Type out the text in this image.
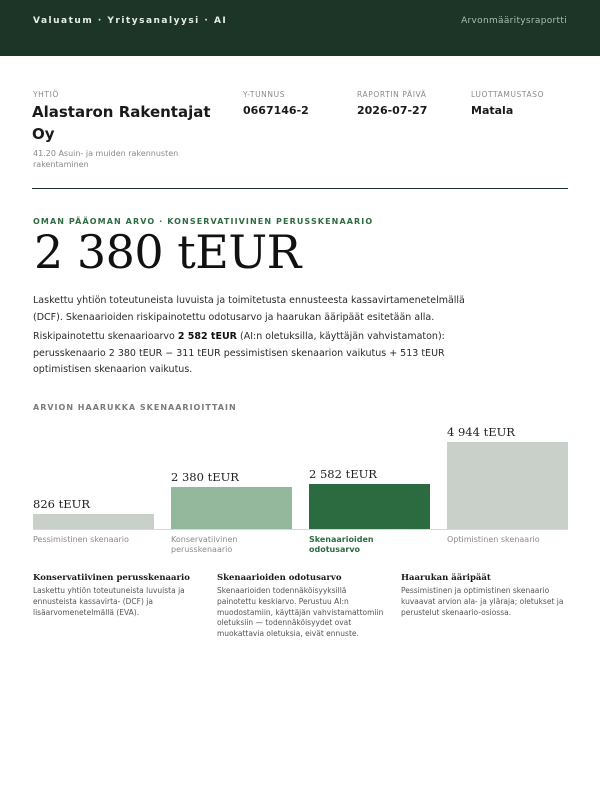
Valuatum · Yritysanalyysi · AI	Arvonmääritysraportti
YHTIÖ
Alastaron Rakentajat Oy
41.20 Asuin- ja muiden rakennusten rakentaminen
Y-TUNNUS
0667146-2
RAPORTIN PÄIVÄ
2026-07-27
LUOTTAMUSTASO
Matala
OMAN PÄÄOMAN ARVO · KONSERVATIIVINEN PERUSSKENAARIO
2 380 tEUR

Laskettu yhtiön toteutuneista luvuista ja toimitetusta ennusteesta kassavirtamenetelmällä (DCF). Skenaarioiden riskipainotettu odotusarvo ja haarukan ääripäät esitetään alla.

Riskipainotettu skenaarioarvo 2 582 tEUR (AI:n oletuksilla, käyttäjän vahvistamaton): perusskenaario 2 380 tEUR − 311 tEUR pessimistisen skenaarion vaikutus + 513 tEUR optimistisen skenaarion vaikutus.

ARVION HAARUKKA SKENAARIOITTAIN
826 tEUR
2 380 tEUR	2 582 tEUR
4 944 tEUR
Pessimistinen skenaario	Konservatiivinen perusskenaario
Skenaarioiden odotusarvo
Optimistinen skenaario
Konservatiivinen perusskenaario
Laskettu yhtiön toteutuneista luvuista ja ennusteista kassavirta- (DCF) ja lisäarvomenetelmällä (EVA).
Skenaarioiden odotusarvo
Skenaarioiden todennäköisyyksillä painotettu keskiarvo. Perustuu AI:n muodostamiin, käyttäjän vahvistamattomiin oletuksiin — todennäköisyydet ovat muokattavia oletuksia, eivät ennuste.
Haarukan ääripäät
Pessimistinen ja optimistinen skenaario kuvaavat arvion ala- ja yläraja; oletukset ja perustelut skenaario-osiossa.
